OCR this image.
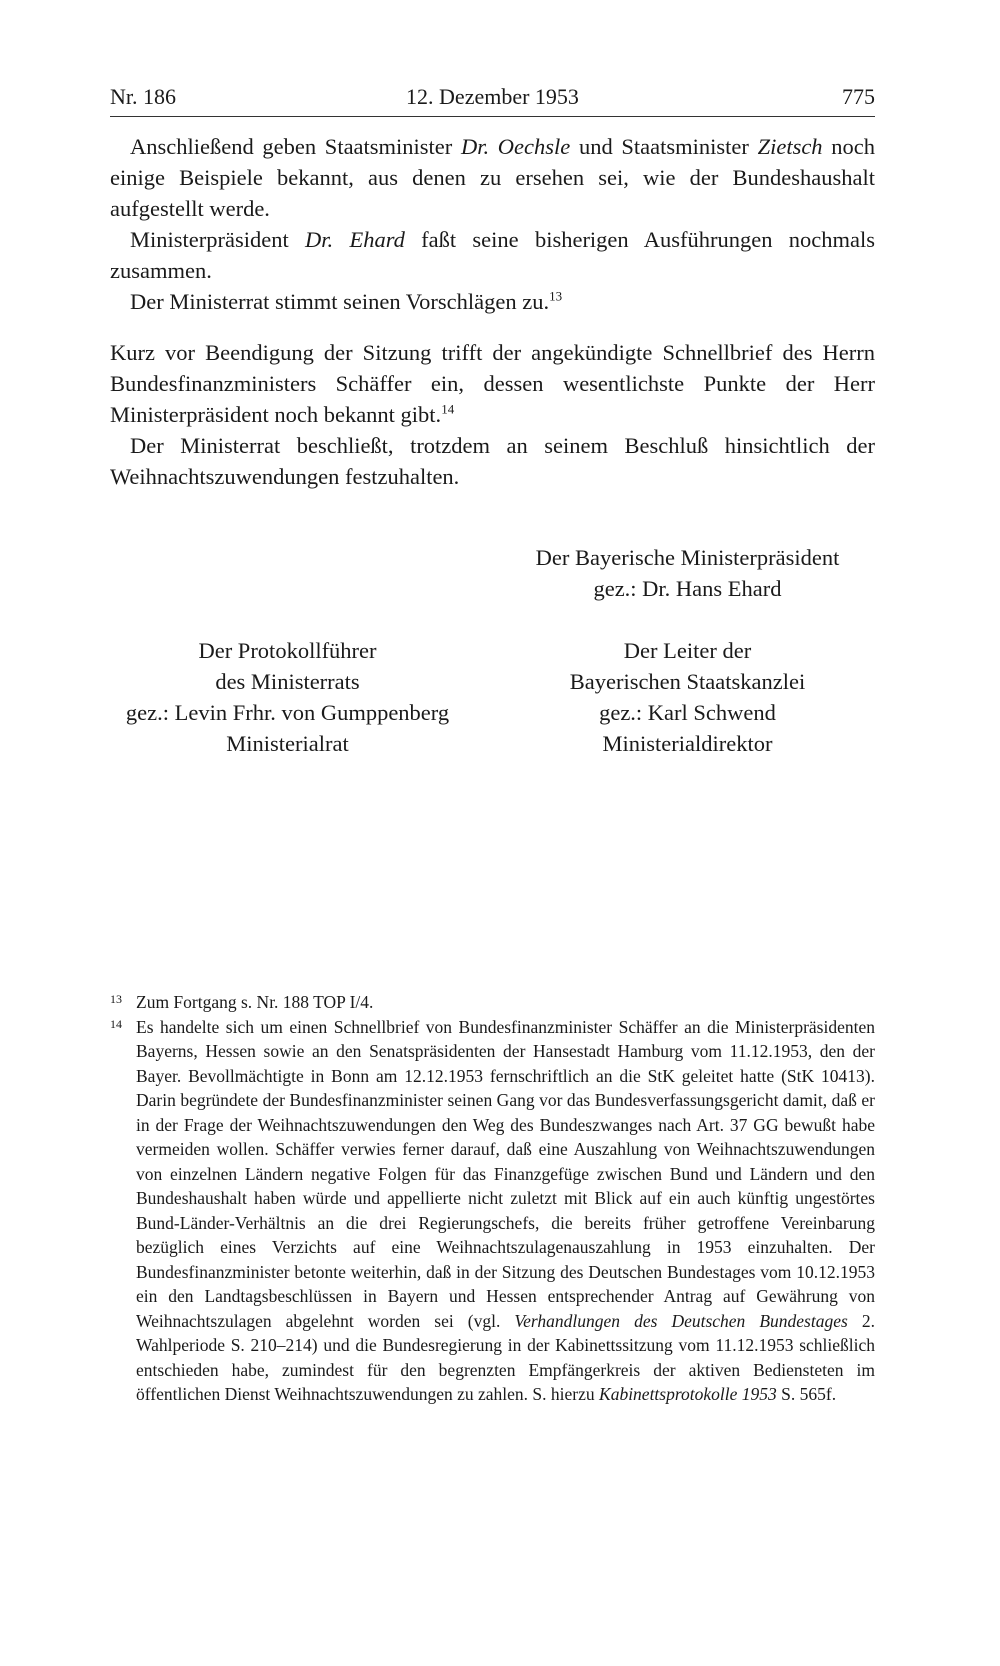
Nr. 186	12. Dezember 1953	775

Anschließend geben Staatsminister Dr. Oechsle und Staatsminister Zietsch noch einige Beispiele bekannt, aus denen zu ersehen sei, wie der Bundeshaushalt aufgestellt werde.

Ministerpräsident Dr. Ehard faßt seine bisherigen Ausführungen nochmals zusammen.

Der Ministerrat stimmt seinen Vorschlägen zu.$^{13}$

Kurz vor Beendigung der Sitzung trifft der angekündigte Schnellbrief des Herrn Bundesfinanzministers Schäffer ein, dessen wesentlichste Punkte der Herr Ministerpräsident noch bekannt gibt.$^{14}$

Der Ministerrat beschließt, trotzdem an seinem Beschluß hinsichtlich der Weihnachtszuwendungen festzuhalten.

Der Bayerische Ministerpräsident
gez.: Dr. Hans Ehard
Der Protokollführer
des Ministerrats
gez.: Levin Frhr. von Gumppenberg
Ministerialrat
Der Leiter der
Bayerischen Staatskanzlei
gez.: Karl Schwend
Ministerialdirektor
13 Zum Fortgang s. Nr. 188 TOP I/4.
14 Es handelte sich um einen Schnellbrief von Bundesfinanzminister Schäffer an die Ministerpräsidenten Bayerns, Hessen sowie an den Senatspräsidenten der Hansestadt Hamburg vom 11.12.1953, den der Bayer. Bevollmächtigte in Bonn am 12.12.1953 fernschriftlich an die StK geleitet hatte (StK 10413). Darin begründete der Bundesfinanzminister seinen Gang vor das Bundesverfassungsgericht damit, daß er in der Frage der Weihnachtszuwendungen den Weg des Bundeszwanges nach Art. 37 GG bewußt habe vermeiden wollen. Schäffer verwies ferner darauf, daß eine Auszahlung von Weihnachtszuwendungen von einzelnen Ländern negative Folgen für das Finanzgefüge zwischen Bund und Ländern und den Bundeshaushalt haben würde und appellierte nicht zuletzt mit Blick auf ein auch künftig ungestörtes Bund-Länder-Verhältnis an die drei Regierungschefs, die bereits früher getroffene Vereinbarung bezüglich eines Verzichts auf eine Weihnachtszulagenauszahlung in 1953 einzuhalten. Der Bundesfinanzminister betonte weiterhin, daß in der Sitzung des Deutschen Bundestages vom 10.12.1953 ein den Landtagsbeschlüssen in Bayern und Hessen entsprechender Antrag auf Gewährung von Weihnachtszulagen abgelehnt worden sei (vgl. Verhandlungen des Deutschen Bundestages 2. Wahlperiode S. 210–214) und die Bundesregierung in der Kabinettssitzung vom 11.12.1953 schließlich entschieden habe, zumindest für den begrenzten Empfängerkreis der aktiven Bediensteten im öffentlichen Dienst Weihnachtszuwendungen zu zahlen. S. hierzu Kabinettsprotokolle 1953 S. 565f.
